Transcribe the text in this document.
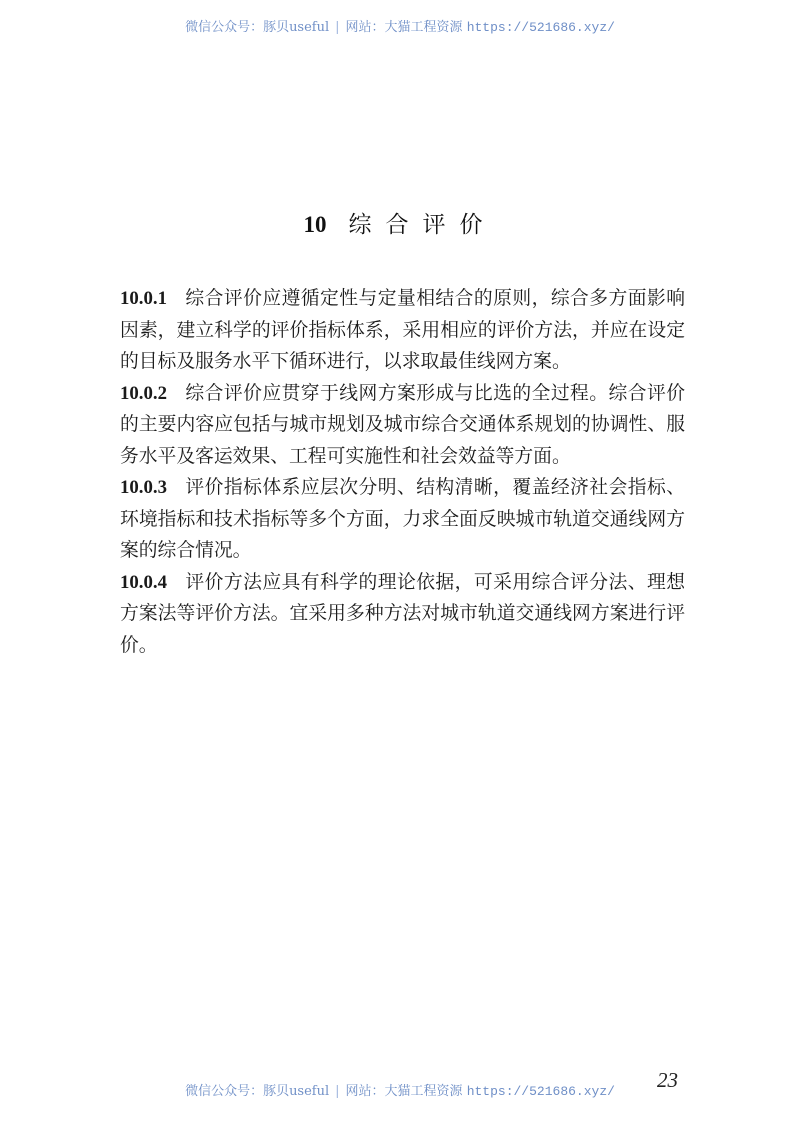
微信公众号：豚贝useful | 网站：大猫工程资源 https://521686.xyz/
10 综合评价

10.0.1 综合评价应遵循定性与定量相结合的原则，综合多方面影响因素，建立科学的评价指标体系，采用相应的评价方法，并应在设定的目标及服务水平下循环进行，以求取最佳线网方案。

10.0.2 综合评价应贯穿于线网方案形成与比选的全过程。综合评价的主要内容应包括与城市规划及城市综合交通体系规划的协调性、服务水平及客运效果、工程可实施性和社会效益等方面。

10.0.3 评价指标体系应层次分明、结构清晰，覆盖经济社会指标、环境指标和技术指标等多个方面，力求全面反映城市轨道交通线网方案的综合情况。

10.0.4 评价方法应具有科学的理论依据，可采用综合评分法、理想方案法等评价方法。宜采用多种方法对城市轨道交通线网方案进行评价。

微信公众号：豚贝useful | 网站：大猫工程资源 https://521686.xyz/	23
